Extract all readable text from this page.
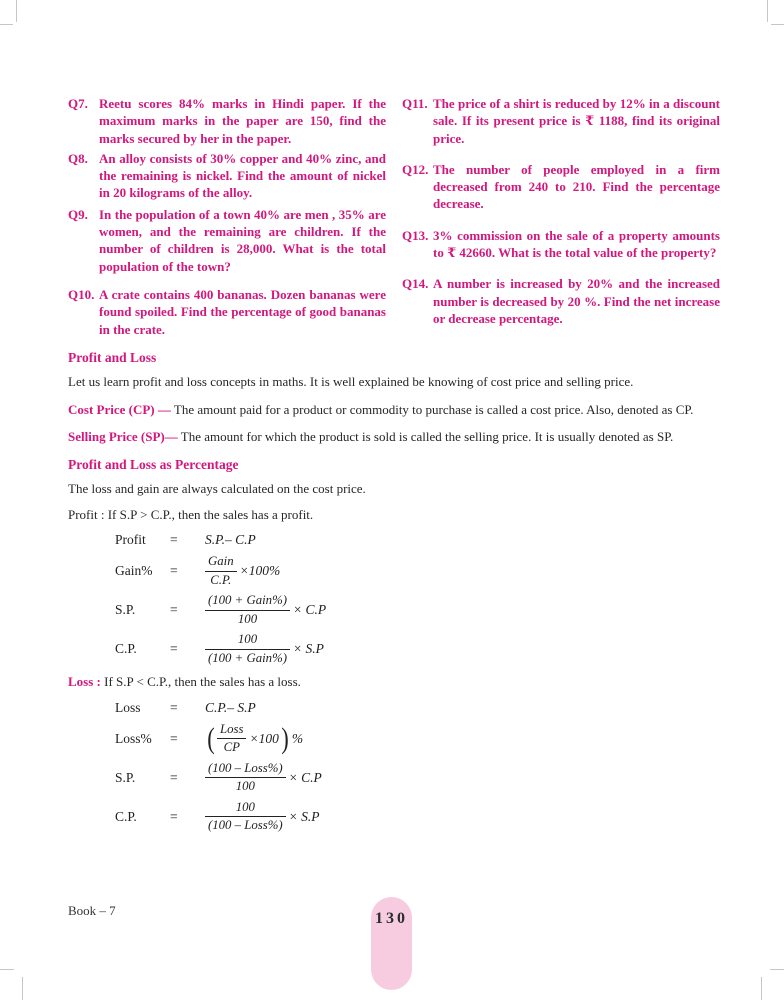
Q7. Reetu scores 84% marks in Hindi paper. If the maximum marks in the paper are 150, find the marks secured by her in the paper.
Q8. An alloy consists of 30% copper and 40% zinc, and the remaining is nickel. Find the amount of nickel in 20 kilograms of the alloy.
Q9. In the population of a town 40% are men , 35% are women, and the remaining are children. If the number of children is 28,000. What is the total population of the town?
Q10. A crate contains 400 bananas. Dozen bananas were found spoiled. Find the percentage of good bananas in the crate.
Q11. The price of a shirt is reduced by 12% in a discount sale. If its present price is ₹ 1188, find its original price.
Q12. The number of people employed in a firm decreased from 240 to 210. Find the percentage decrease.
Q13. 3% commission on the sale of a property amounts to ₹ 42660. What is the total value of the property?
Q14. A number is increased by 20% and the increased number is decreased by 20 %. Find the net increase or decrease percentage.
Profit and Loss

Let us learn profit and loss concepts in maths. It is well explained be knowing of cost price and selling price.

Cost Price (CP) — The amount paid for a product or commodity to purchase is called a cost price. Also, denoted as CP.

Selling Price (SP)— The amount for which the product is sold is called the selling price. It is usually denoted as SP.

Profit and Loss as Percentage

The loss and gain are always calculated on the cost price.

Profit : If S.P > C.P., then the sales has a profit.

Profit	=	S.P.– C.P
Gain%	=	$\frac{\text{Gain}}{C.P.} \times 100\%$
S.P.	=	$\frac{\text{(100 + Gain\%)}}{100} \times C.P$
C.P.	=	$\frac{100}{\text{(100 + Gain\%)}} \times S.P$

Loss : If S.P < C.P., then the sales has a loss.

Loss	=	C.P.– S.P
Loss%	= ( $\frac{\text{Loss}}{CP} \times 100$ ) %
S.P.	=	$\frac{\text{(100 – Loss\%)}}{100} \times C.P$
C.P.	=	$\frac{100}{\text{(100 – Loss\%)}} \times S.P$
Book – 7	130
